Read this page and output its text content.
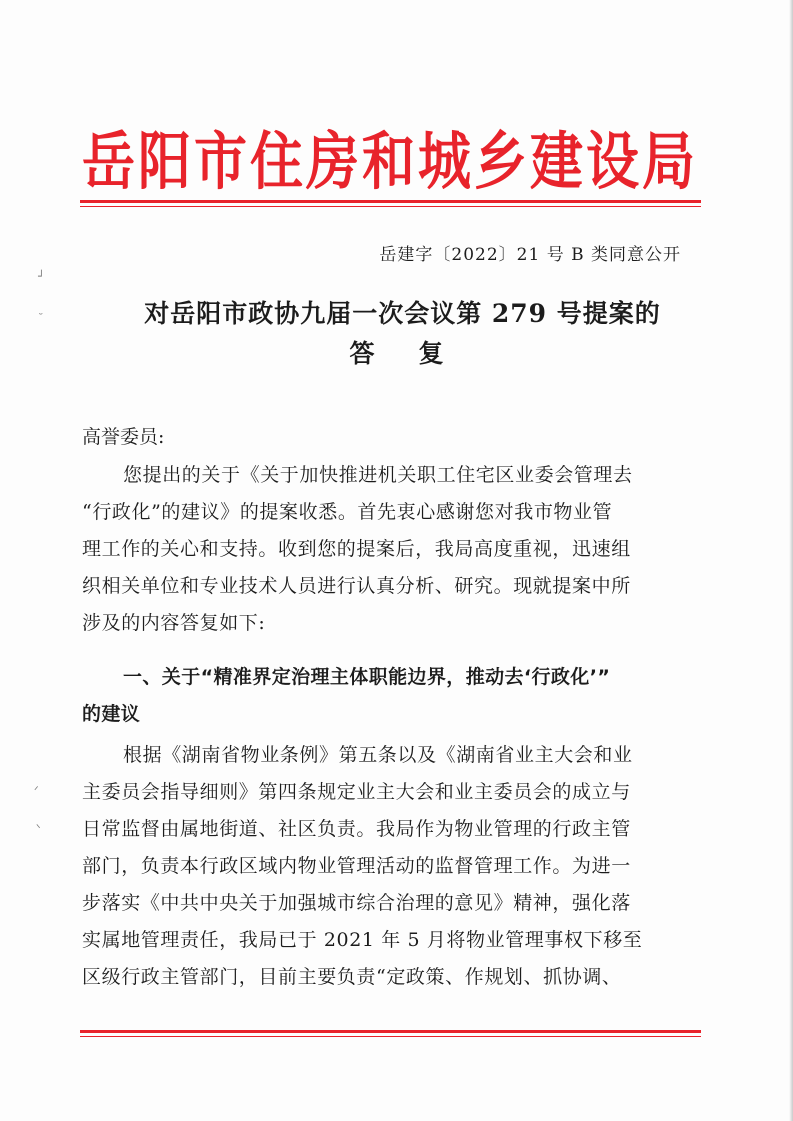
岳阳市住房和城乡建设局
岳建字〔2022〕21 号 B 类同意公开
对岳阳市政协九届一次会议第 279 号提案的
答复
┘
˘
ᐟ
ᐠ
高誉委员:
您提出的关于《关于加快推进机关职工住宅区业委会管理去
“行政化”的建议》的提案收悉。首先衷心感谢您对我市物业管
理工作的关心和支持。收到您的提案后，我局高度重视，迅速组
织相关单位和专业技术人员进行认真分析、研究。现就提案中所
涉及的内容答复如下:
一、关于“精准界定治理主体职能边界，推动去‘行政化’”
的建议
根据《湖南省物业条例》第五条以及《湖南省业主大会和业
主委员会指导细则》第四条规定业主大会和业主委员会的成立与
日常监督由属地街道、社区负责。我局作为物业管理的行政主管
部门，负责本行政区域内物业管理活动的监督管理工作。为进一
步落实《中共中央关于加强城市综合治理的意见》精神，强化落
实属地管理责任，我局已于 2021 年 5 月将物业管理事权下移至
区级行政主管部门，目前主要负责“定政策、作规划、抓协调、
